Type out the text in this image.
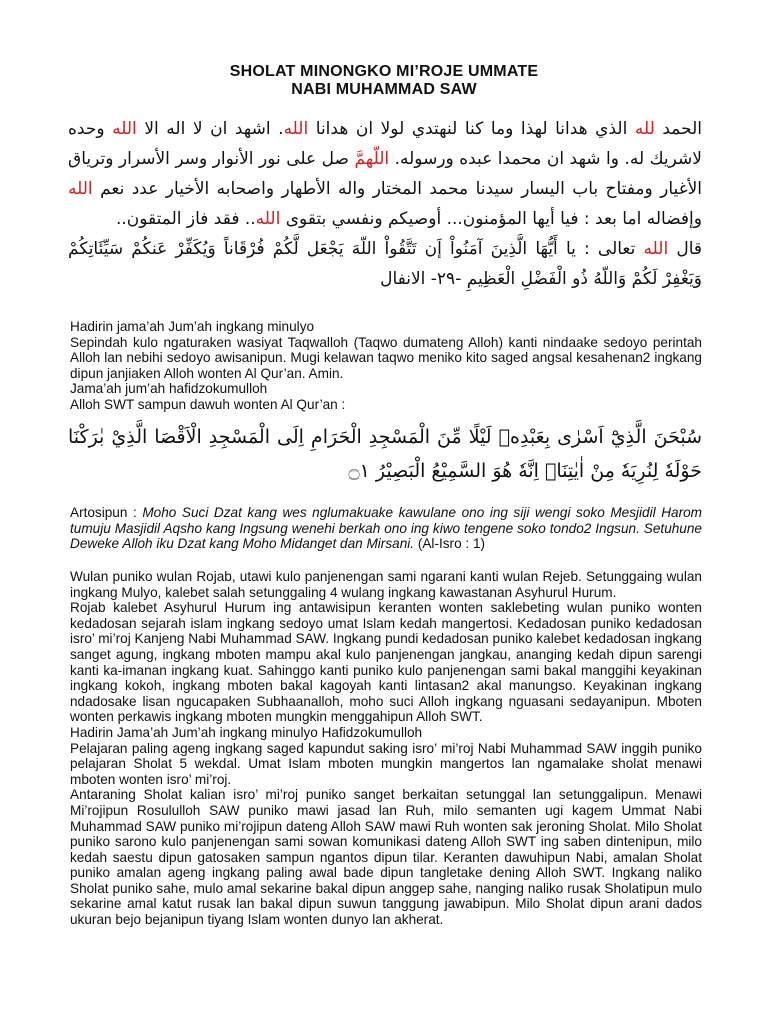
SHOLAT MINONGKO MI’ROJE UMMATE
NABI MUHAMMAD SAW
الحمد لله الذي هدانا لهذا وما كنا لنهتدي لولا ان هدانا الله. اشهد ان لا اله الا الله وحده لاشريك له. وا شهد ان محمدا عبده ورسوله. اللّهمَّ صل على نور الأنوار وسر الأسرار وترياق الأغيار ومفتاح باب اليسار سيدنا محمد المختار واله الأطهار واصحابه الأخيار عدد نعم الله وإفضاله اما بعد : فيا أيها المؤمنون... أوصيكم ونفسي بتقوى الله.. فقد فاز المتقون..
قال الله تعالى : يا أَيُّهَا الَّذِينَ آمَنُواْ إَن تَتَّقُواْ اللّهَ يَجْعَل لَّكُمْ فُرْقَاناً وَيُكَفِّرْ عَنكُمْ سَيِّئَاتِكُمْ وَيَغْفِرْ لَكُمْ وَاللّهُ ذُو الْفَضْلِ الْعَظِيمِ -٢٩- الانفال

Hadirin jama’ah Jum’ah ingkang minulyo

Sepindah kulo ngaturaken wasiyat Taqwalloh (Taqwo dumateng Alloh) kanti nindaake sedoyo perintah Alloh lan nebihi sedoyo awisanipun. Mugi kelawan taqwo meniko kito saged angsal kesahenan2 ingkang dipun janjiaken Alloh wonten Al Qur’an. Amin.

Jama’ah jum’ah hafidzokumulloh

Alloh SWT sampun dawuh wonten Al Qur’an :

سُبْحَنَ الَّذِيْٓ اَسْرٰى بِعَبْدِهٖ لَيْلًا مِّنَ الْمَسْجِدِ الْحَرَامِ اِلَى الْمَسْجِدِ الْاَقْصَا الَّذِيْ بٰرَكْنَا حَوْلَهٗ لِنُرِيَهٗ مِنْ اٰيٰتِنَاۗ اِنَّهٗ هُوَ السَّمِيْعُ الْبَصِيْرُ ۝١

Artosipun : Moho Suci Dzat kang wes nglumakuake kawulane ono ing siji wengi soko Mesjidil Harom tumuju Masjidil Aqsho kang Ingsung wenehi berkah ono ing kiwo tengene soko tondo2 Ingsun. Setuhune Deweke Alloh iku Dzat kang Moho Midanget dan Mirsani. (Al-Isro : 1)

Wulan puniko wulan Rojab, utawi kulo panjenengan sami ngarani kanti wulan Rejeb. Setunggaing wulan ingkang Mulyo, kalebet salah setunggaling 4 wulang ingkang kawastanan Asyhurul Hurum.

Rojab kalebet Asyhurul Hurum ing antawisipun keranten wonten saklebeting wulan puniko wonten kedadosan sejarah islam ingkang sedoyo umat Islam kedah mangertosi. Kedadosan puniko kedadosan isro’ mi’roj Kanjeng Nabi Muhammad SAW. Ingkang pundi kedadosan puniko kalebet kedadosan ingkang sanget agung, ingkang mboten mampu akal kulo panjenengan jangkau, ananging kedah dipun sarengi kanti ka-imanan ingkang kuat. Sahinggo kanti puniko kulo panjenengan sami bakal manggihi keyakinan ingkang kokoh, ingkang mboten bakal kagoyah kanti lintasan2 akal manungso. Keyakinan ingkang ndadosake lisan ngucapaken Subhaanalloh, moho suci Alloh ingkang nguasani sedayanipun. Mboten wonten perkawis ingkang mboten mungkin menggahipun Alloh SWT.

Hadirin Jama’ah Jum’ah ingkang minulyo Hafidzokumulloh

Pelajaran paling ageng ingkang saged kapundut saking isro’ mi’roj Nabi Muhammad SAW inggih puniko pelajaran Sholat 5 wekdal. Umat Islam mboten mungkin mangertos lan ngamalake sholat menawi mboten wonten isro’ mi’roj.

Antaraning Sholat kalian isro’ mi’roj puniko sanget berkaitan setunggal lan setunggalipun. Menawi Mi’rojipun Rosululloh SAW puniko mawi jasad lan Ruh, milo semanten ugi kagem Ummat Nabi Muhammad SAW puniko mi’rojipun dateng Alloh SAW mawi Ruh wonten sak jeroning Sholat. Milo Sholat puniko sarono kulo panjenengan sami sowan komunikasi dateng Alloh SWT ing saben dintenipun, milo kedah saestu dipun gatosaken sampun ngantos dipun tilar. Keranten dawuhipun Nabi, amalan Sholat puniko amalan ageng ingkang paling awal bade dipun tangletake dening Alloh SWT. Ingkang naliko Sholat puniko sahe, mulo amal sekarine bakal dipun anggep sahe, nanging naliko rusak Sholatipun mulo sekarine amal katut rusak lan bakal dipun suwun tanggung jawabipun. Milo Sholat dipun arani dados ukuran bejo bejanipun tiyang Islam wonten dunyo lan akherat.
